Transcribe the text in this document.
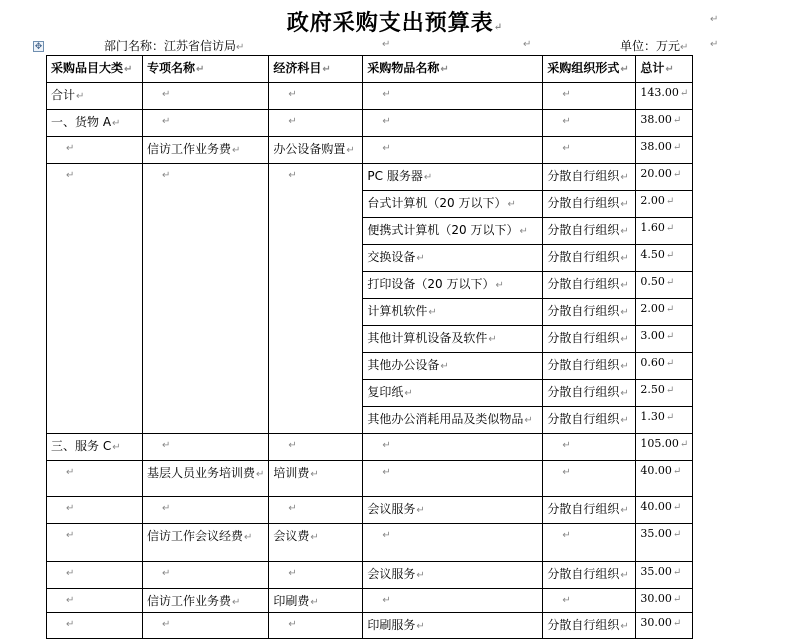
政府采购支出预算表↵
↵
✥	部门名称：江苏省信访局↵	↵	↵	单位：万元↵ ↵
采购品目大类↵	专项名称↵	经济科目↵	采购物品名称↵	采购组织形式↵	总计↵
合计↵	↵	↵	↵	↵	143.00↵
一、货物 A↵	↵	↵	↵	↵	38.00↵
↵	信访工作业务费↵	办公设备购置↵	↵	↵	38.00↵
↵	↵	↵	PC 服务器↵	分散自行组织↵	20.00↵
			台式计算机（20 万以下）↵	分散自行组织↵	2.00↵
			便携式计算机（20 万以下）↵	分散自行组织↵	1.60↵
			交换设备↵	分散自行组织↵	4.50↵
			打印设备（20 万以下）↵	分散自行组织↵	0.50↵
			计算机软件↵	分散自行组织↵	2.00↵
			其他计算机设备及软件↵	分散自行组织↵	3.00↵
			其他办公设备↵	分散自行组织↵	0.60↵
			复印纸↵	分散自行组织↵	2.50↵
			其他办公消耗用品及类似物品↵	分散自行组织↵	1.30↵
三、服务 C↵	↵	↵	↵	↵	105.00↵
↵	基层人员业务培训费↵	培训费↵	↵	↵	40.00↵
↵	↵	↵	会议服务↵	分散自行组织↵	40.00↵
↵	信访工作会议经费↵	会议费↵	↵	↵	35.00↵
↵	↵	↵	会议服务↵	分散自行组织↵	35.00↵
↵	信访工作业务费↵	印刷费↵	↵	↵	30.00↵
↵	↵	↵	印刷服务↵	分散自行组织↵	30.00↵
